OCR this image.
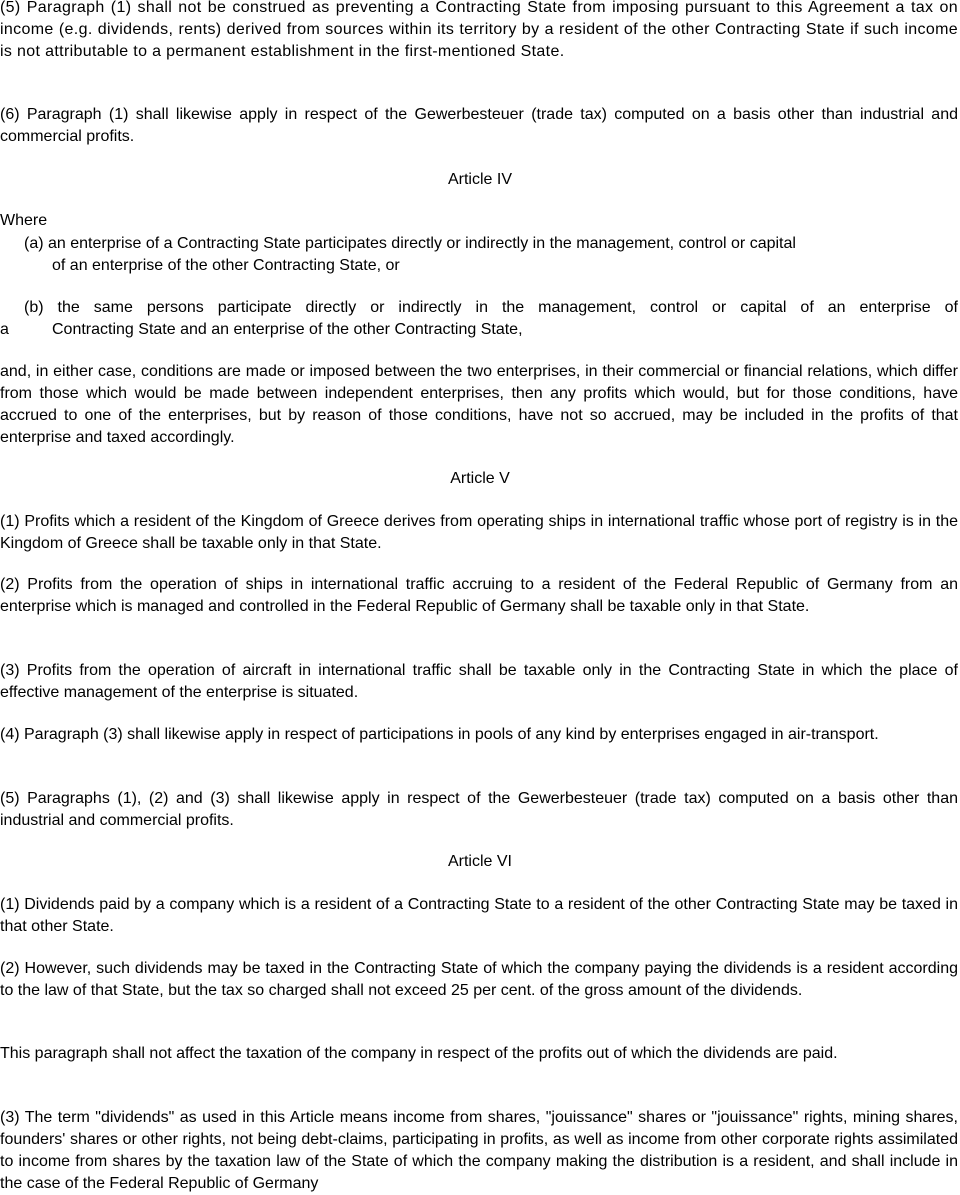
(5) Paragraph (1) shall not be construed as preventing a Contracting State from imposing pursuant to this Agreement a tax on income (e.g. dividends, rents) derived from sources within its territory by a resident of the other Contracting State if such income is not attributable to a permanent establishment in the first-mentioned State.

(6) Paragraph (1) shall likewise apply in respect of the Gewerbesteuer (trade tax) computed on a basis other than industrial and commercial profits.

Article IV

Where

(a) an enterprise of a Contracting State participates directly or indirectly in the management, control or capital
of an enterprise of the other Contracting State, or

(b) the same persons participate directly or indirectly in the management, control or capital of an enterprise of
a	Contracting State and an enterprise of the other Contracting State,

and, in either case, conditions are made or imposed between the two enterprises, in their commercial or financial relations, which differ from those which would be made between independent enterprises, then any profits which would, but for those conditions, have accrued to one of the enterprises, but by reason of those conditions, have not so accrued, may be included in the profits of that enterprise and taxed accordingly.

Article V

(1) Profits which a resident of the Kingdom of Greece derives from operating ships in international traffic whose port of registry is in the Kingdom of Greece shall be taxable only in that State.

(2) Profits from the operation of ships in international traffic accruing to a resident of the Federal Republic of Germany from an enterprise which is managed and controlled in the Federal Republic of Germany shall be taxable only in that State.

(3) Profits from the operation of aircraft in international traffic shall be taxable only in the Contracting State in which the place of effective management of the enterprise is situated.

(4) Paragraph (3) shall likewise apply in respect of participations in pools of any kind by enterprises engaged in air-transport.

(5) Paragraphs (1), (2) and (3) shall likewise apply in respect of the Gewerbesteuer (trade tax) computed on a basis other than industrial and commercial profits.

Article VI

(1) Dividends paid by a company which is a resident of a Contracting State to a resident of the other Contracting State may be taxed in that other State.

(2) However, such dividends may be taxed in the Contracting State of which the company paying the dividends is a resident according to the law of that State, but the tax so charged shall not exceed 25 per cent. of the gross amount of the dividends.

This paragraph shall not affect the taxation of the company in respect of the profits out of which the dividends are paid.

(3) The term "dividends" as used in this Article means income from shares, "jouissance" shares or "jouissance" rights, mining shares, founders' shares or other rights, not being debt-claims, participating in profits, as well as income from other corporate rights assimilated to income from shares by the taxation law of the State of which the company making the distribution is a resident, and shall include in the case of the Federal Republic of Germany
